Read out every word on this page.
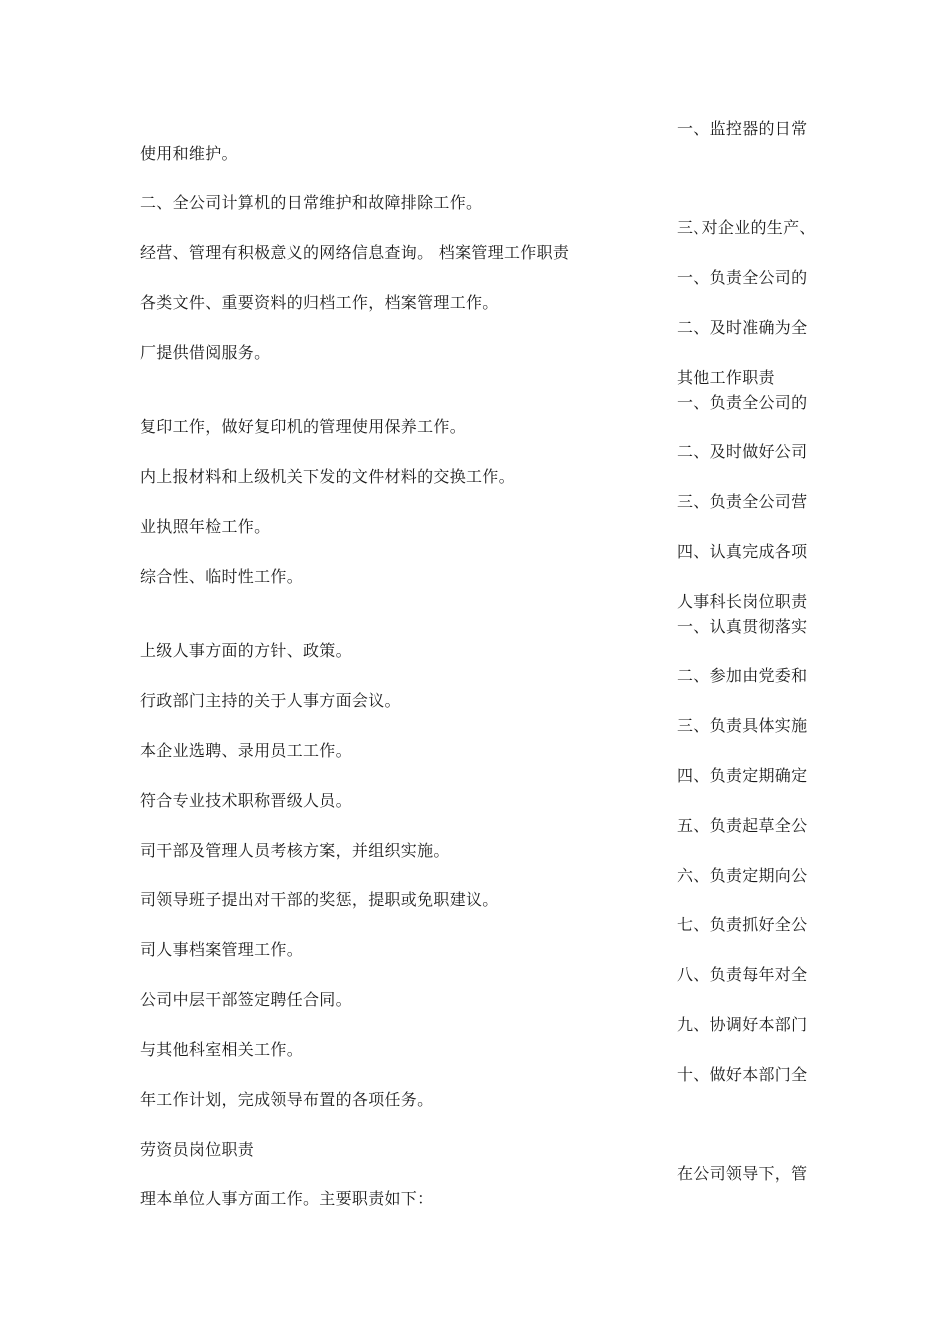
使用和维护。
二、全公司计算机的日常维护和故障排除工作。
经营、管理有积极意义的网络信息查询。 档案管理工作职责
各类文件、重要资料的归档工作，档案管理工作。
厂提供借阅服务。
复印工作，做好复印机的管理使用保养工作。
内上报材料和上级机关下发的文件材料的交换工作。
业执照年检工作。
综合性、临时性工作。
上级人事方面的方针、政策。
行政部门主持的关于人事方面会议。
本企业选聘、录用员工工作。
符合专业技术职称晋级人员。
司干部及管理人员考核方案，并组织实施。
司领导班子提出对干部的奖惩，提职或免职建议。
司人事档案管理工作。
公司中层干部签定聘任合同。
与其他科室相关工作。
年工作计划，完成领导布置的各项任务。
劳资员岗位职责
理本单位人事方面工作。主要职责如下：
一、监控器的日常
三､对企业的生产、
一、负责全公司的
二、及时准确为全
其他工作职责
一、负责全公司的
二、及时做好公司
三、负责全公司营
四、认真完成各项
人事科长岗位职责
一、认真贯彻落实
二、参加由党委和
三、负责具体实施
四、负责定期确定
五、负责起草全公
六、负责定期向公
七、负责抓好全公
八、负责每年对全
九、协调好本部门
十、做好本部门全
在公司领导下，管
